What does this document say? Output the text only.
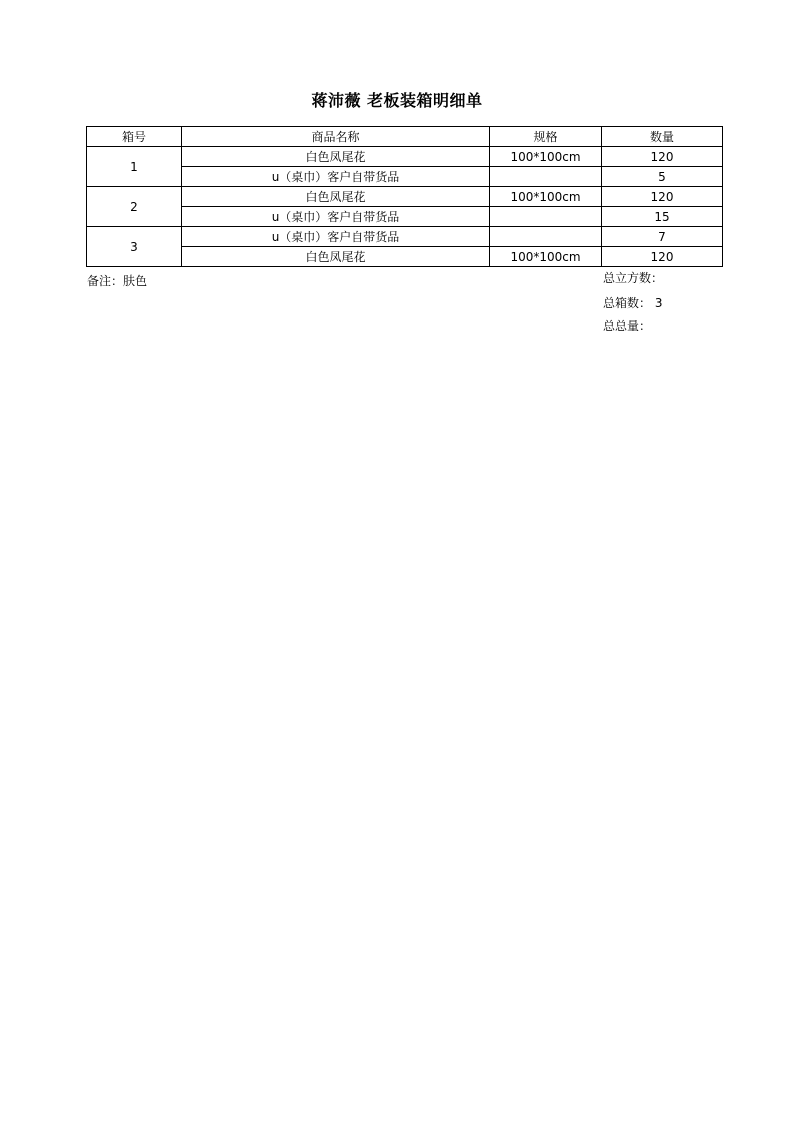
蒋沛薇 老板装箱明细单
箱号	商品名称	规格	数量
1	白色凤尾花	100*100cm	120
	u（桌巾）客户自带货品		5
2	白色凤尾花	100*100cm	120
	u（桌巾）客户自带货品		15
3	u（桌巾）客户自带货品		7
	白色凤尾花	100*100cm	120
备注：肤色	总立方数：
总箱数： 3
总总量：
